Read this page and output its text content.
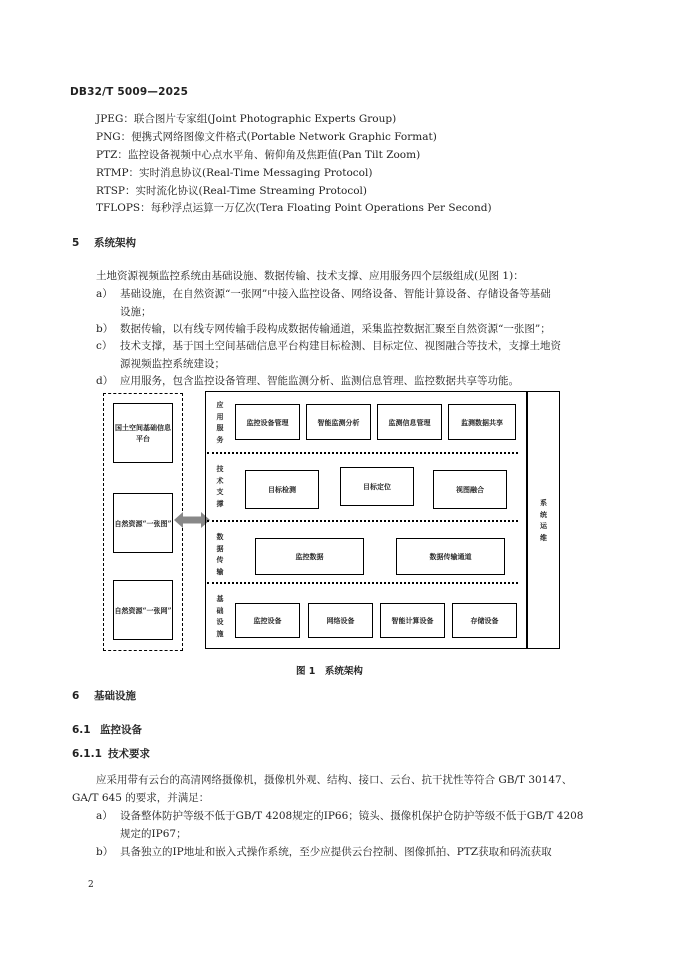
DB32/T 5009—2025
JPEG：联合图片专家组(Joint Photographic Experts Group)
PNG：便携式网络图像文件格式(Portable Network Graphic Format)
PTZ：监控设备视频中心点水平角、俯仰角及焦距值(Pan Tilt Zoom)
RTMP：实时消息协议(Real-Time Messaging Protocol)
RTSP：实时流化协议(Real-Time Streaming Protocol)
TFLOPS：每秒浮点运算一万亿次(Tera Floating Point Operations Per Second)
5 系统架构
土地资源视频监控系统由基础设施、数据传输、技术支撑、应用服务四个层级组成(见图 1)：
a） 基础设施，在自然资源“一张网”中接入监控设备、网络设备、智能计算设备、存储设备等基础
设施；
b） 数据传输，以有线专网传输手段构成数据传输通道，采集监控数据汇聚至自然资源“一张图”；
c） 技术支撑，基于国土空间基础信息平台构建目标检测、目标定位、视图融合等技术，支撑土地资
源视频监控系统建设；
d） 应用服务，包含监控设备管理、智能监测分析、监测信息管理、监控数据共享等功能。
国土空间基础信息平台
自然资源“一张图”
自然资源“一张网”
应用服务
技术支撑
数据传输
基础设施
监控设备管理	智能监测分析	监测信息管理	监测数据共享
目标检测	目标定位	视图融合
监控数据	数据传输通道
监控设备	网络设备	智能计算设备	存储设备
系统运维
图 1　系统架构
6 基础设施
6.1 监控设备
6.1.1 技术要求
应采用带有云台的高清网络摄像机，摄像机外观、结构、接口、云台、抗干扰性等符合 GB/T 30147、
GA/T 645 的要求，并满足：
a） 设备整体防护等级不低于GB/T 4208规定的IP66；镜头、摄像机保护仓防护等级不低于GB/T 4208
规定的IP67；
b） 具备独立的IP地址和嵌入式操作系统，至少应提供云台控制、图像抓拍、PTZ获取和码流获取
2
